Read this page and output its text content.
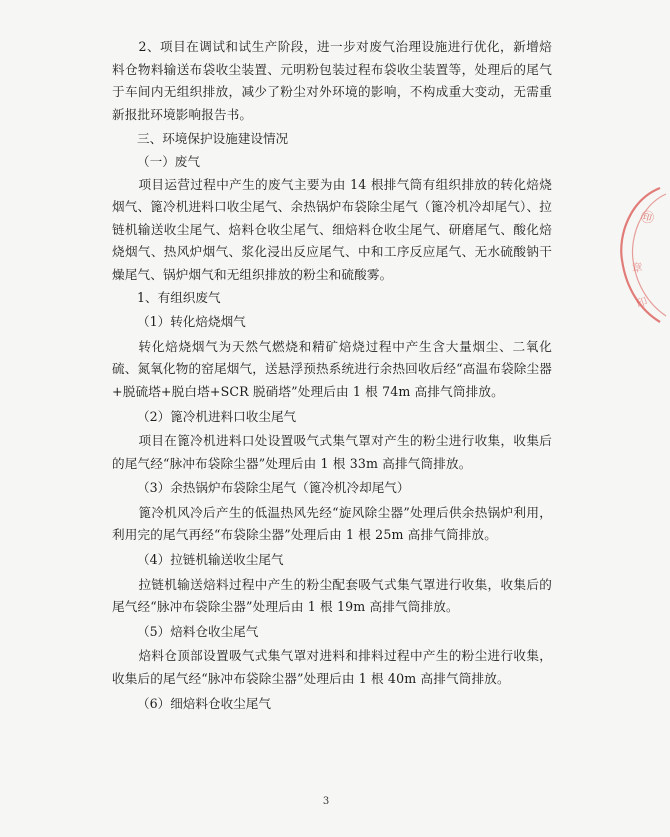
2、项目在调试和试生产阶段，进一步对废气治理设施进行优化，新增焙料仓物料输送布袋收尘装置、元明粉包装过程布袋收尘装置等，处理后的尾气于车间内无组织排放，减少了粉尘对外环境的影响，不构成重大变动，无需重新报批环境影响报告书。

三、环境保护设施建设情况

（一）废气

项目运营过程中产生的废气主要为由 14 根排气筒有组织排放的转化焙烧烟气、篦冷机进料口收尘尾气、余热锅炉布袋除尘尾气（篦冷机冷却尾气）、拉链机输送收尘尾气、焙料仓收尘尾气、细焙料仓收尘尾气、研磨尾气、酸化焙烧烟气、热风炉烟气、浆化浸出反应尾气、中和工序反应尾气、无水硫酸钠干燥尾气、锅炉烟气和无组织排放的粉尘和硫酸雾。

1、有组织废气

（1）转化焙烧烟气

转化焙烧烟气为天然气燃烧和精矿焙烧过程中产生含大量烟尘、二氧化硫、氮氧化物的窑尾烟气，送悬浮预热系统进行余热回收后经“高温布袋除尘器+脱硫塔+脱白塔+SCR 脱硝塔”处理后由 1 根 74m 高排气筒排放。

（2）篦冷机进料口收尘尾气

项目在篦冷机进料口处设置吸气式集气罩对产生的粉尘进行收集，收集后的尾气经“脉冲布袋除尘器”处理后由 1 根 33m 高排气筒排放。

（3）余热锅炉布袋除尘尾气（篦冷机冷却尾气）

篦冷机风冷后产生的低温热风先经“旋风除尘器”处理后供余热锅炉利用，利用完的尾气再经“布袋除尘器”处理后由 1 根 25m 高排气筒排放。

（4）拉链机输送收尘尾气

拉链机输送焙料过程中产生的粉尘配套吸气式集气罩进行收集，收集后的尾气经“脉冲布袋除尘器”处理后由 1 根 19m 高排气筒排放。

（5）焙料仓收尘尾气

焙料仓顶部设置吸气式集气罩对进料和排料过程中产生的粉尘进行收集，收集后的尾气经“脉冲布袋除尘器”处理后由 1 根 40m 高排气筒排放。

（6）细焙料仓收尘尾气

㊞
章
印
3
